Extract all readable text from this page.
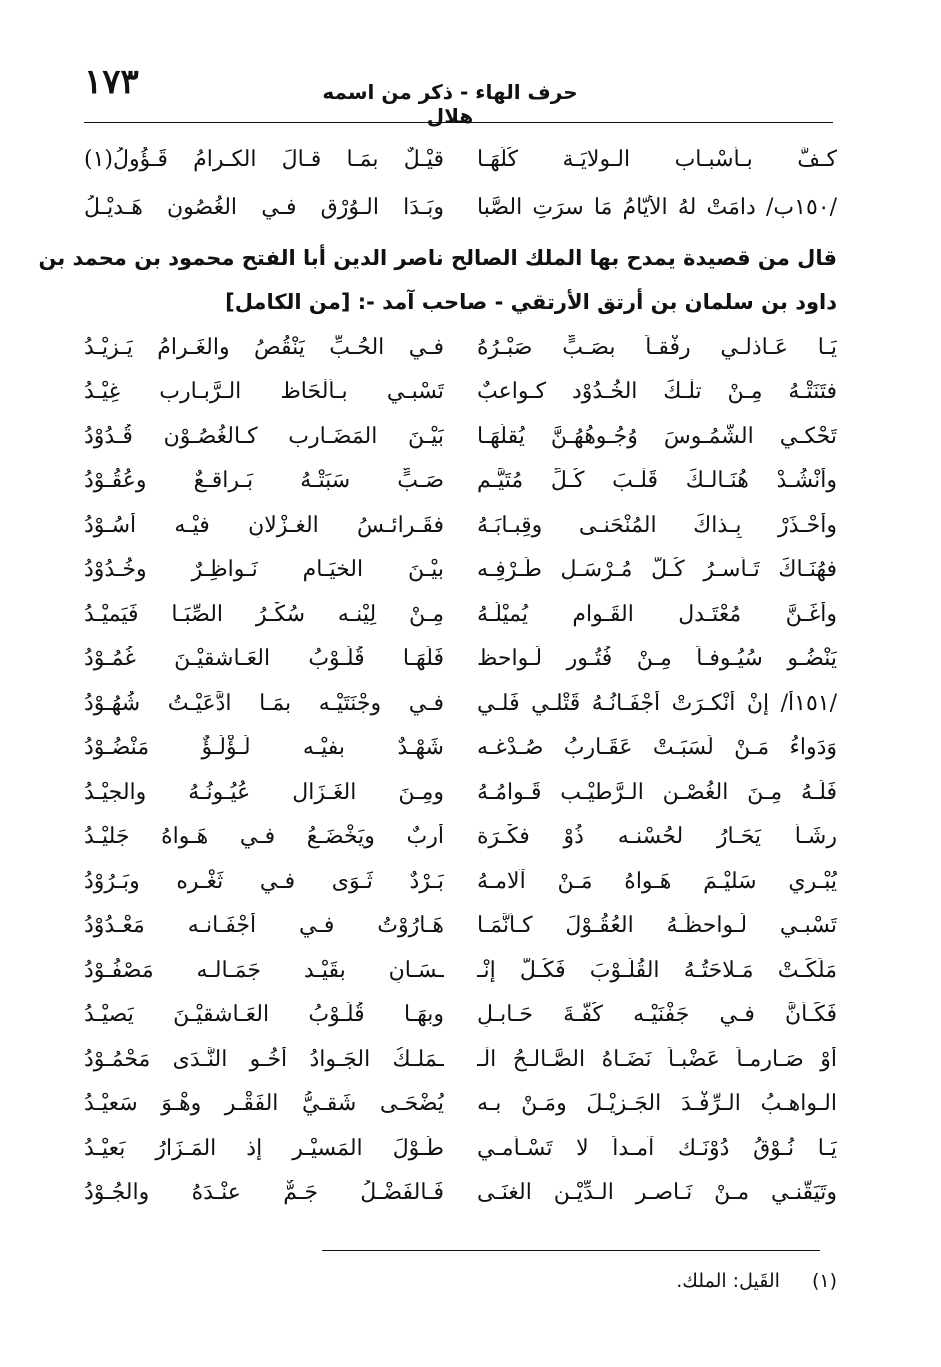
١٧٣	حرف الهاء - ذكر من اسمه هلال
كـفٌّ بـأسْبـاب الـولايَـة كُلّهَـا
قيْـلٌ بمَـا قـالَ الكـرامُ قَـؤُولُ(١)
/١٥٠ب/ دامَتْ لهُ الأيّامُ مَا سرَتِ الصَّبا
وبَـدَا الـوُرْقِ فـي الغُصُونِ هَـديْـلُ
قال من قصيدة يمدح بها الملك الصالح ناصر الدين أبا الفتح محمود بن محمد بن
داود بن سلمان بن أرتق الأرتقي - صاحب آمد -: [من الكامل]
يَـا عَـاذلـي رفْقـاً بصَـبٍّ صَبْـرُهُ
فـي الحُـبِّ يَنْقُصُ والغَـرامُ يَـزِيْـدُ
فتَنَتْـهُ مِـنْ تلْـكَ الخُـدُوْد كـواعبٌ
تَسْبـي بـألْحَاظ الـرَّبـارب غِيْـدُ
تَحْكـي الشُّمُـوسَ وُجُـوهُهُـنَّ يُقلُّهَـا
بَيْـنَ المَضَـارب كـالغُصُـوْن قُـدُوْدُ
وأنْشُـدْ هُنَـالـكَ قَلْـبَ كُـلِّ مُتَيَّـمٍ
صَـبٍّ سَبَتْـهُ بَـراقـعٌ وعُقُـوْدُ
وأحْـذَرْ بِـذاكَ المُنْحَنـى وقِبـابَـهُ
فقَـرائـسُ الغـزْلانِ فيْـه أُسُـوْدُ
فهُنَـاكَ تَـأسـرُ كُـلَّ مُـرْسَـلِ طَـرْفِـه
بيْـنَ الخيَـام نَـواظِـرٌ وخُـدُوْدُ
وأغَـنَّ مُعْتَـدل القَـوام يُميْلُـهُ
مِـنْ لِيْنـه سُكْـرُ الصِّبَـا فَيَميْـدُ
يَنْضُـو سُيُـوفـاً مِـنْ فُتُـور لَـواحظ
فَلَهَـا قُلُـوْبُ العَـاشقيْـنَ غُمُـوْدُ
/١٥١أ/ إنْ أنْكـرَتْ أجْفَـانُـهُ قَتْلـي فَلـي
فـي وجْنَتَيْـه بمَـا ادَّعَيْـتُ شُهُـوْدُ
وَدَواءُ مَـنْ لَسَبَـتْ عَقَـاربُ صُـدْغـه
شَهْـدٌ بفيْـه لُـؤْلُـؤٌ مَنْضُـوْدُ
فَلَـهُ مِـنَ الغُصْـن الـرَّطيْـب قَـوامُـهُ
ومِـنَ الغَـزَال عُيُـونُـهُ والجيْـدُ
رشَـأٌ يَحَـارُ لحُسْنـه ذُوْ فكْـرَة
أرِبٌ ويَخْضَـعُ فـي هَـواهُ جَليْـدُ
يُبْـري سَليْـمَ هَـواهُ مَـنْ آلامـهُ
بَـرْدٌ ثَـوَى فـي ثَغْـره وبَـرُوْدُ
تَسْبـي لَـواحظُـهُ العُقُـوْلَ كـأنَّمَـا
هَـارُوْتُ فـي أجْفَـانـه مَعْـدُوْدُ
مَلَكَـتْ مَـلاحَتُـهُ القُلُـوْبَ فَكُـلُّ إنْـ
ـسَـانٍ بقَيْـد جَمَـالـه مَصْفُـوْدُ
فَكَـأنَّ فـي جَفْنَيْـه كُفَّـةَ حَـابـلٍ
وبهَـا قُلُـوْبُ العَـاشقيْـنَ يَصيْـدُ
أوْ صَـارمـاً عَضْبـاً نَضَـاهُ الصَّـالـحُ الْـ
ـمَلـكُ الجَـوادُ أخُـو النَّـدَى مَحْمُـوْدُ
الـواهـبُ الـرِّفْـدَ الجَـزيْـلَ ومَـنْ بـه
يُضْحَـى شَقـيُّ الفَقْـر وهْـوَ سَعيْـدُ
يَـا نُـوْقُ دُوْنَـك آمـداً لا تَسْـأمـي
طُـوْلَ المَسيْـر إذ المَـزَارُ بَعيْـدُ
وتَيَقَّنـي مـنْ نَـاصـرِ الـدِّيْـن الغنَـى
فَـالفَضْـلُ جَـمٌّ عنْـدَهُ والجُـوْدُ
(١) القَيل: الملك.
